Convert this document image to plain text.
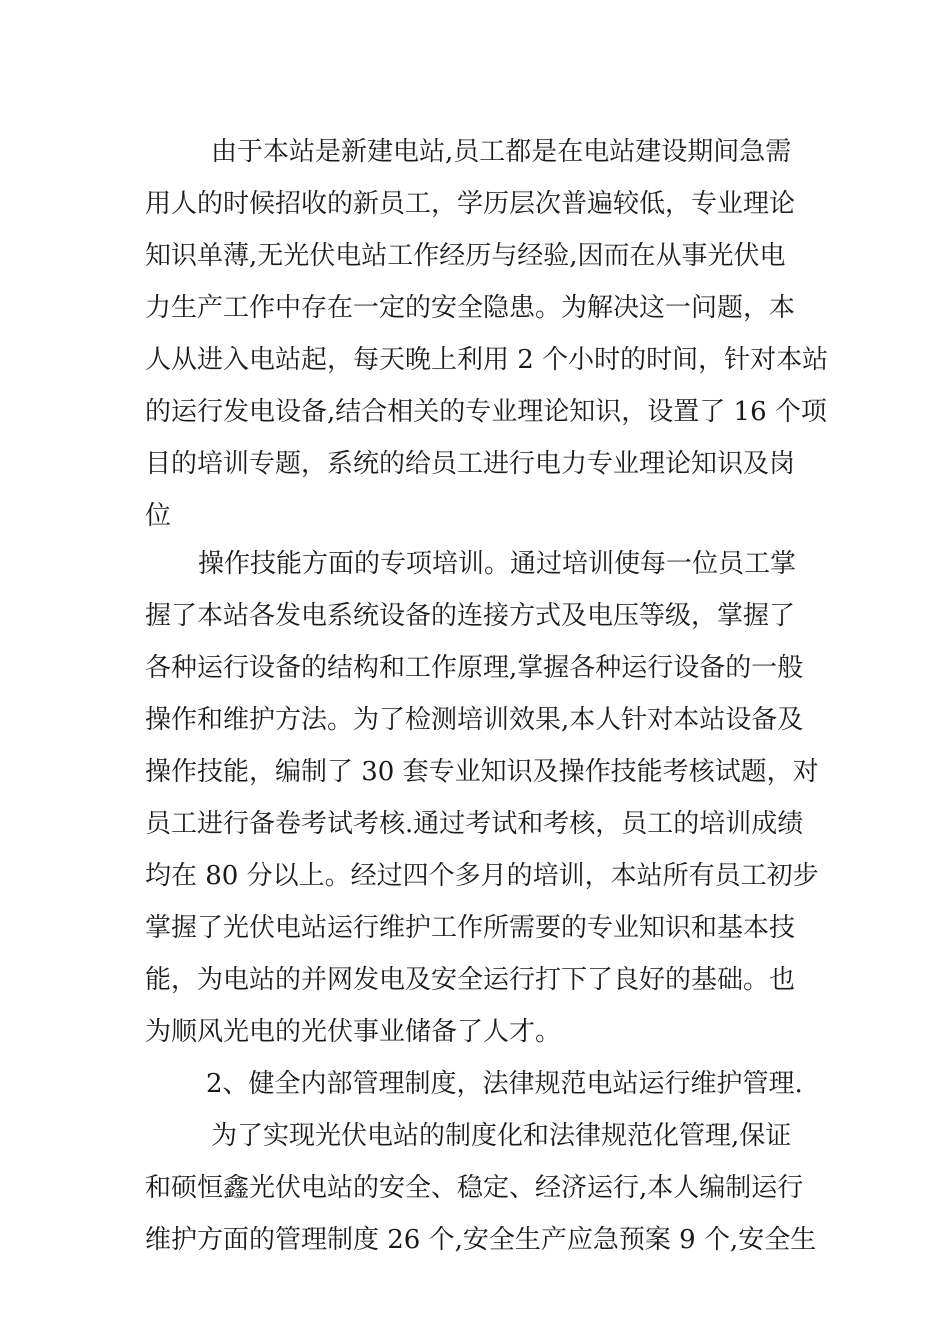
由于本站是新建电站,员工都是在电站建设期间急需
用人的时候招收的新员工，学历层次普遍较低，专业理论
知识单薄,无光伏电站工作经历与经验,因而在从事光伏电
力生产工作中存在一定的安全隐患。为解决这一问题，本
人从进入电站起，每天晚上利用 2 个小时的时间，针对本站
的运行发电设备,结合相关的专业理论知识，设置了 16 个项
目的培训专题，系统的给员工进行电力专业理论知识及岗
位
操作技能方面的专项培训。通过培训使每一位员工掌
握了本站各发电系统设备的连接方式及电压等级，掌握了
各种运行设备的结构和工作原理,掌握各种运行设备的一般
操作和维护方法。为了检测培训效果,本人针对本站设备及
操作技能，编制了 30 套专业知识及操作技能考核试题，对
员工进行备卷考试考核.通过考试和考核，员工的培训成绩
均在 80 分以上。经过四个多月的培训，本站所有员工初步
掌握了光伏电站运行维护工作所需要的专业知识和基本技
能，为电站的并网发电及安全运行打下了良好的基础。也
为顺风光电的光伏事业储备了人才。
2、健全内部管理制度，法律规范电站运行维护管理.
为了实现光伏电站的制度化和法律规范化管理,保证
和硕恒鑫光伏电站的安全、稳定、经济运行,本人编制运行
维护方面的管理制度 26 个,安全生产应急预案 9 个,安全生
